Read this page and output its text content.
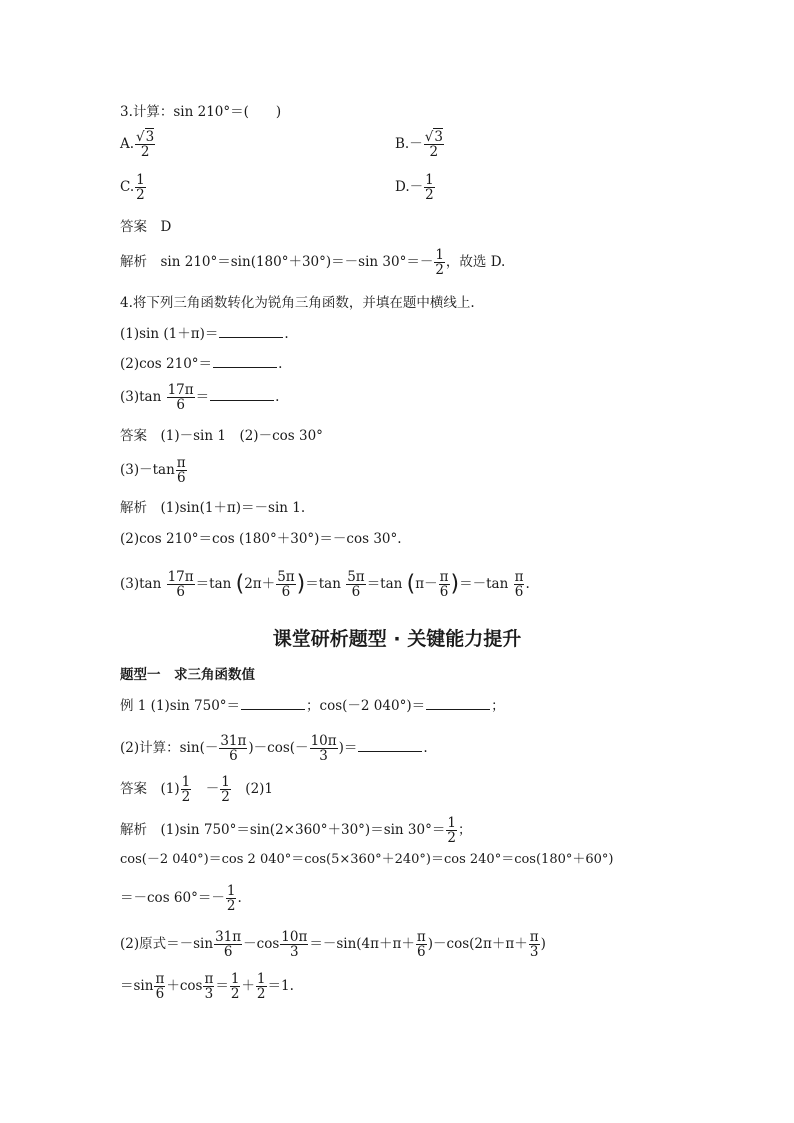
3.计算：sin 210°＝(　　)
A. $\frac{√3}{2}$	$B.- \frac{√3}{2}$
C. $\frac{1}{2}$	$D.- \frac{1}{2}$
答案　 D
解析　 sin 210°＝sin(180°＋30°)＝－sin $30^\circ=- \frac{1}{2}$ ，故选 D.
4.将下列三角函数转化为锐角三角函数，并填在题中横线上.
(1)sin (1＋π)＝	.
(2)cos 210°＝	.
$(3)\tan \frac{17\pi}{6}$ ＝	.
答案　 (1)－sin 1　(2)－cos 30°
$(3)-\tan \frac{\pi}{6}$
解析　 (1)sin(1＋π)＝－sin 1.
(2)cos 210°＝cos (180°＋30°)＝－cos 30°.
$(3)\tan \frac{17\pi}{6} =\tan$ $(2\pi+ \frac{5\pi}{6} )=\tan \frac{5\pi}{6} =\tan$ $(\pi- \frac{\pi}{6} )=-\tan \frac{\pi}{6}$ .
课堂研析题型 · 关键能力提升
题型一　求三角函数值
例 1 (1)sin 750°＝	；cos(－2 040°)＝	；
(2)计算：$\sin(- \frac{31\pi}{6} )-\cos(- \frac{10\pi}{3}$ )＝	.
答案　 $(1) \frac{1}{2}$ 　－ $\frac{1}{2}$ 　(2)1
解析　 (1)sin 750°＝sin(2×360°＋30°)＝sin $30^\circ= \frac{1}{2}$ ；
cos(－2 040°)＝cos 2 040°＝cos(5×360°＋240°)＝cos 240°＝cos(180°＋60°)
＝－cos $60^\circ=- \frac{1}{2}$ .
(2)原式$=-\sin \frac{31\pi}{6} -\cos \frac{10\pi}{3} =-\sin(4\pi+\pi+ \frac{\pi}{6} )-\cos(2\pi+\pi+ \frac{\pi}{3}$ )
$=\sin \frac{\pi}{6} +\cos \frac{\pi}{3} = \frac{1}{2} + \frac{1}{2} =1$.
